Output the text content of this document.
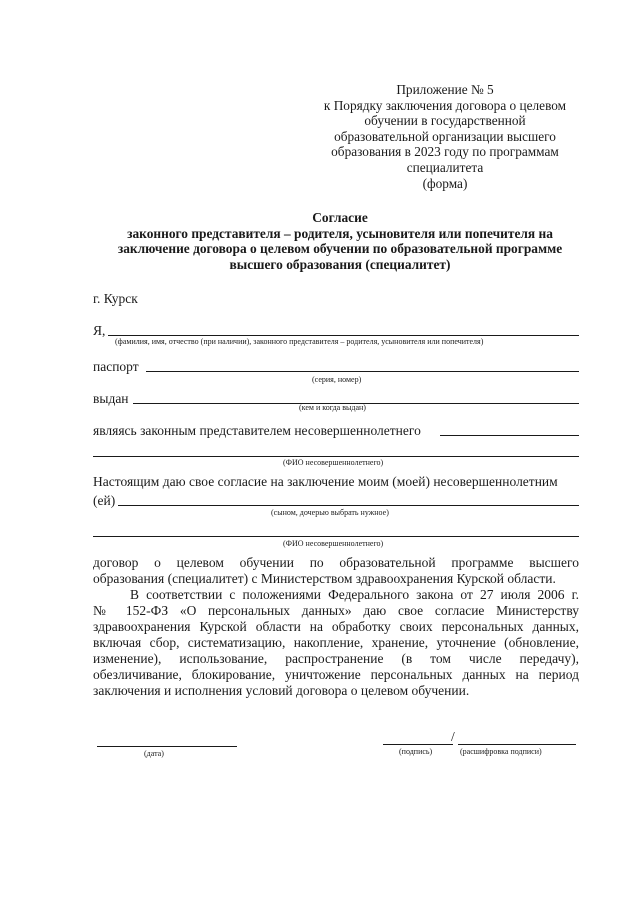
Приложение № 5
к Порядку заключения договора о целевом
обучении в государственной
образовательной организации высшего
образования в 2023 году по программам
специалитета
(форма)
Согласие
законного представителя – родителя, усыновителя или попечителя на
заключение договора о целевом обучении по образовательной программе
высшего образования (специалитет)
г. Курск
Я,
(фамилия, имя, отчество (при наличии), законного представителя – родителя, усыновителя или попечителя)
паспорт
(серия, номер)
выдан
(кем и когда выдан)
являясь законным представителем несовершеннолетнего
(ФИО несовершеннолетнего)
Настоящим даю свое согласие на заключение моим (моей) несовершеннолетним
(ей)
(сыном, дочерью выбрать нужное)
(ФИО несовершеннолетнего)
договор о целевом обучении по образовательной программе высшего
образования (специалитет) с Министерством здравоохранения Курской области.
В соответствии с положениями Федерального закона от 27 июля 2006 г.
№ 152-ФЗ «О персональных данных» даю свое согласие Министерству
здравоохранения Курской области на обработку своих персональных данных,
включая сбор, систематизацию, накопление, хранение, уточнение (обновление,
изменение), использование, распространение (в том числе передачу),
обезличивание, блокирование, уничтожение персональных данных на период
заключения и исполнения условий договора о целевом обучении.
(дата)
/
(подпись)	(расшифровка подписи)
